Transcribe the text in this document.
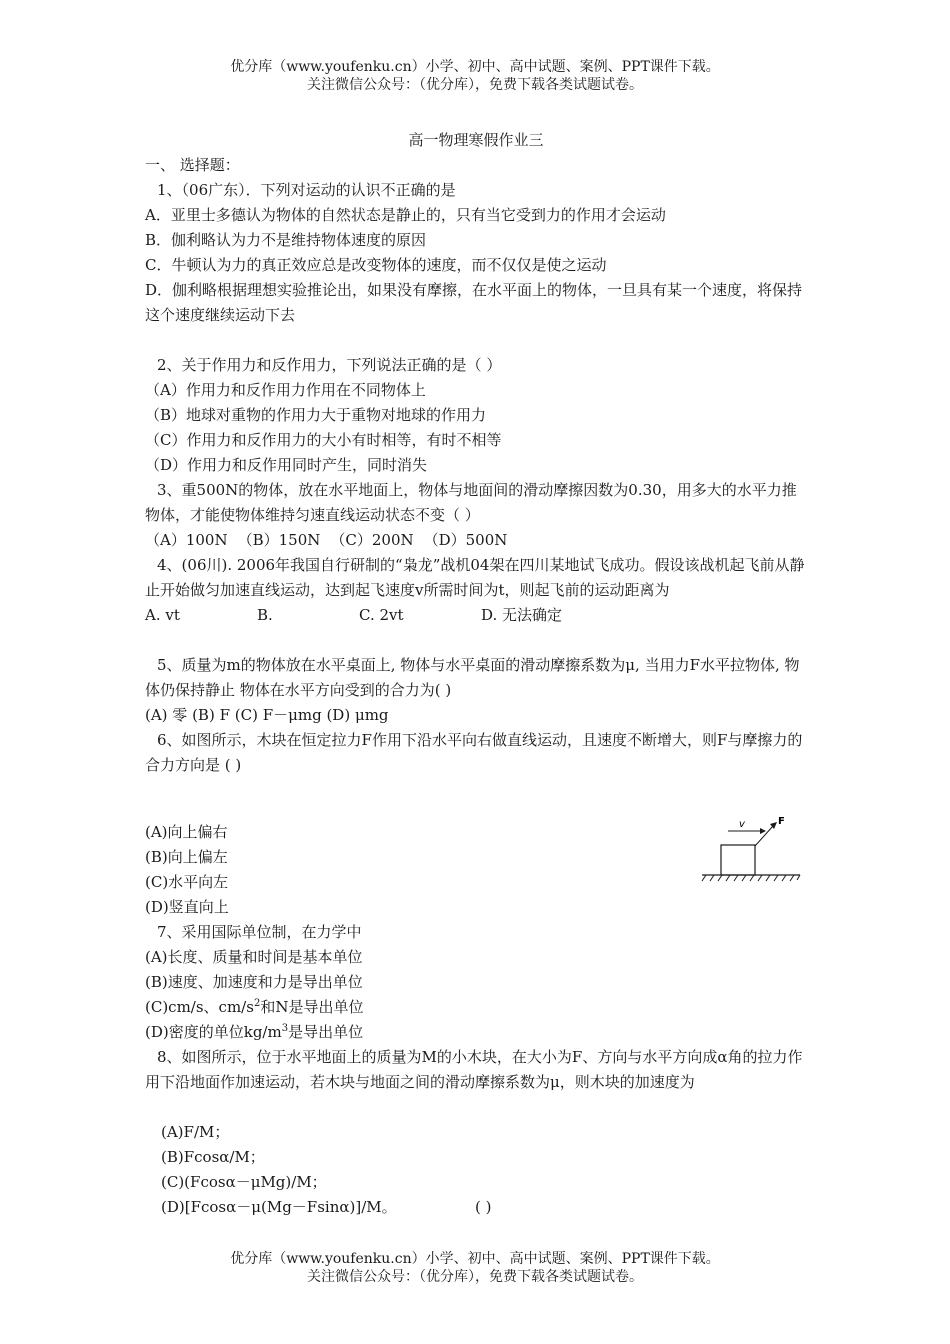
优分库（www.youfenku.cn）小学、初中、高中试题、案例、PPT课件下载。
关注微信公众号：（优分库），免费下载各类试题试卷。
高一物理寒假作业三
一、 选择题：
1、（06广东）．下列对运动的认识不正确的是
A．亚里士多德认为物体的自然状态是静止的，只有当它受到力的作用才会运动
B．伽利略认为力不是维持物体速度的原因
C．牛顿认为力的真正效应总是改变物体的速度，而不仅仅是使之运动
D．伽利略根据理想实验推论出，如果没有摩擦，在水平面上的物体，一旦具有某一个速度，将保持这个速度继续运动下去
2、关于作用力和反作用力，下列说法正确的是（ ）
（A）作用力和反作用力作用在不同物体上
（B）地球对重物的作用力大于重物对地球的作用力
（C）作用力和反作用力的大小有时相等，有时不相等
（D）作用力和反作用同时产生，同时消失
3、重500N的物体，放在水平地面上，物体与地面间的滑动摩擦因数为0.30，用多大的水平力推物体，才能使物体维持匀速直线运动状态不变（ ）
（A）100N （B）150N （C）200N （D）500N
4、(06川). 2006年我国自行研制的“枭龙”战机04架在四川某地试飞成功。假设该战机起飞前从静止开始做匀加速直线运动，达到起飞速度v所需时间为t，则起飞前的运动距离为
A. vt	B.	C. 2vt	D. 无法确定
5、质量为m的物体放在水平桌面上, 物体与水平桌面的滑动摩擦系数为μ, 当用力F水平拉物体, 物体仍保持静止 物体在水平方向受到的合力为( )
(A) 零 (B) F (C) F－μmg (D) μmg
6、如图所示，木块在恒定拉力F作用下沿水平向右做直线运动，且速度不断增大，则F与摩擦力的合力方向是 ( )
(A)向上偏右
(B)向上偏左
(C)水平向左
(D)竖直向上
v	F
7、采用国际单位制，在力学中
(A)长度、质量和时间是基本单位
(B)速度、加速度和力是导出单位
(C)cm/s、$cm/s^2$和N是导出单位
(D)密度的单位$kg/m^3$是导出单位
8、如图所示，位于水平地面上的质量为M的小木块，在大小为F、方向与水平方向成α角的拉力作用下沿地面作加速运动，若木块与地面之间的滑动摩擦系数为μ，则木块的加速度为
(A)F/M；
(B)Fcosα/M；
(C)(Fcosα－μMg)/M；
(D)[Fcosα－μ(Mg－Fsinα)]/M。	( )
优分库（www.youfenku.cn）小学、初中、高中试题、案例、PPT课件下载。
关注微信公众号：（优分库），免费下载各类试题试卷。
